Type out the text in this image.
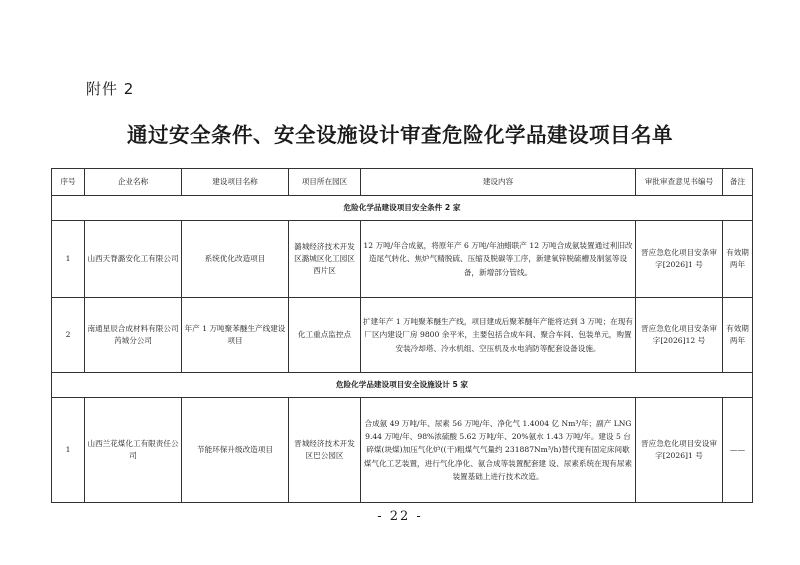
附件 2
通过安全条件、安全设施设计审查危险化学品建设项目名单
序号	企业名称	建设项目名称	项目所在园区	建设内容	审批审查意见书编号	备注
危险化学品建设项目安全条件 2 家						
1	山西天脊潞安化工有限公司	系统优化改造项目	潞城经济技术开发区潞城区化工园区西片区	12 万吨/年合成氨，将原年产 6 万吨/年油蜡联产 12 万吨合成氨装置通过利旧改造尾气转化、焦炉气精脱硫、压缩及脱碳等工序，新建氧锌脱硫槽及制氢等设备，新增部分管线。	晋应急危化项目安条审字[2026]1 号	有效期两年
2	南通星辰合成材料有限公司芮城分公司	年产 1 万吨聚苯醚生产线建设项目	化工重点监控点	扩建年产 1 万吨聚苯醚生产线，项目建成后聚苯醚年产能将达到 3 万吨；在现有厂区内建设厂房 9800 余平米，主要包括合成车间、聚合车间、包装单元，购置安装冷却塔、冷水机组、空压机及水电消防等配套设备设施。	晋应急危化项目安条审字[2026]12 号	有效期两年
危险化学品建设项目安全设施设计 5 家						
1	山西兰花煤化工有限责任公司	节能环保升级改造项目	晋城经济技术开发区巴公园区	合成氨 49 万吨/年、尿素 56 万吨/年、净化气 1.4004 亿 Nm³/年；副产 LNG9.44 万吨/年、98%浓硫酸 5.62 万吨/年、20%氨水 1.43 万吨/年。建设 5 台碎煤(块煤)加压气化炉((干)粗煤气气量约 231887Nm³/h)替代现有固定床间歇煤气化工艺装置，进行气化净化、氨合成等装置配套建 设、尿素系统在现有尿素装置基础上进行技术改造。	晋应急危化项目安设审字[2026]1 号	——
- 22 -
